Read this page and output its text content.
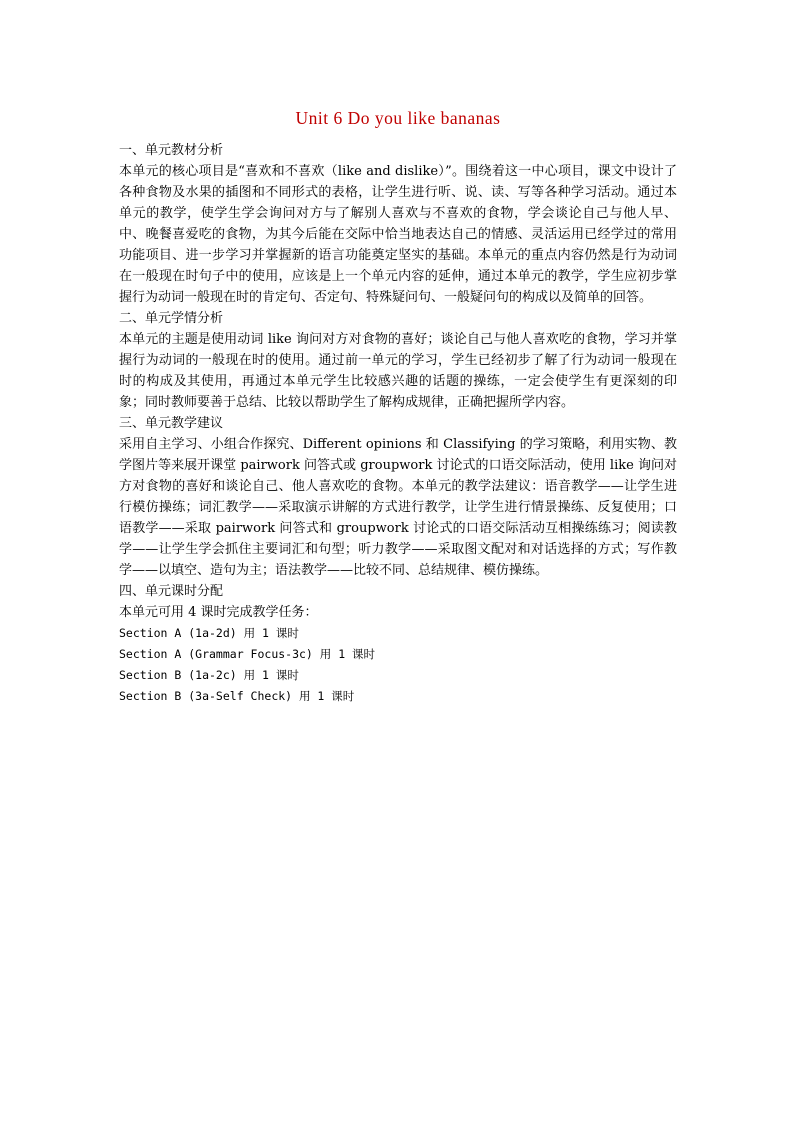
Unit 6 Do you like bananas

一、单元教材分析

本单元的核心项目是“喜欢和不喜欢（like and dislike）”。围绕着这一中心项目，课文中设计了各种食物及水果的插图和不同形式的表格，让学生进行听、说、读、写等各种学习活动。通过本单元的教学，使学生学会询问对方与了解别人喜欢与不喜欢的食物，学会谈论自己与他人早、中、晚餐喜爱吃的食物，为其今后能在交际中恰当地表达自己的情感、灵活运用已经学过的常用功能项目、进一步学习并掌握新的语言功能奠定坚实的基础。本单元的重点内容仍然是行为动词在一般现在时句子中的使用，应该是上一个单元内容的延伸，通过本单元的教学，学生应初步掌握行为动词一般现在时的肯定句、否定句、特殊疑问句、一般疑问句的构成以及简单的回答。

二、单元学情分析

本单元的主题是使用动词 like 询问对方对食物的喜好；谈论自己与他人喜欢吃的食物，学习并掌握行为动词的一般现在时的使用。通过前一单元的学习，学生已经初步了解了行为动词一般现在时的构成及其使用，再通过本单元学生比较感兴趣的话题的操练，一定会使学生有更深刻的印象；同时教师要善于总结、比较以帮助学生了解构成规律，正确把握所学内容。

三、单元教学建议

采用自主学习、小组合作探究、Different opinions 和 Classifying 的学习策略，利用实物、教学图片等来展开课堂 pairwork 问答式或 groupwork 讨论式的口语交际活动，使用 like 询问对方对食物的喜好和谈论自己、他人喜欢吃的食物。本单元的教学法建议：语音教学——让学生进行模仿操练；词汇教学——采取演示讲解的方式进行教学，让学生进行情景操练、反复使用；口语教学——采取 pairwork 问答式和 groupwork 讨论式的口语交际活动互相操练练习；阅读教学——让学生学会抓住主要词汇和句型；听力教学——采取图文配对和对话选择的方式；写作教学——以填空、造句为主；语法教学——比较不同、总结规律、模仿操练。

四、单元课时分配

本单元可用 4 课时完成教学任务：

Section A (1a-2d) 用 1 课时

Section A (Grammar Focus-3c) 用 1 课时

Section B (1a-2c) 用 1 课时

Section B (3a-Self Check) 用 1 课时
